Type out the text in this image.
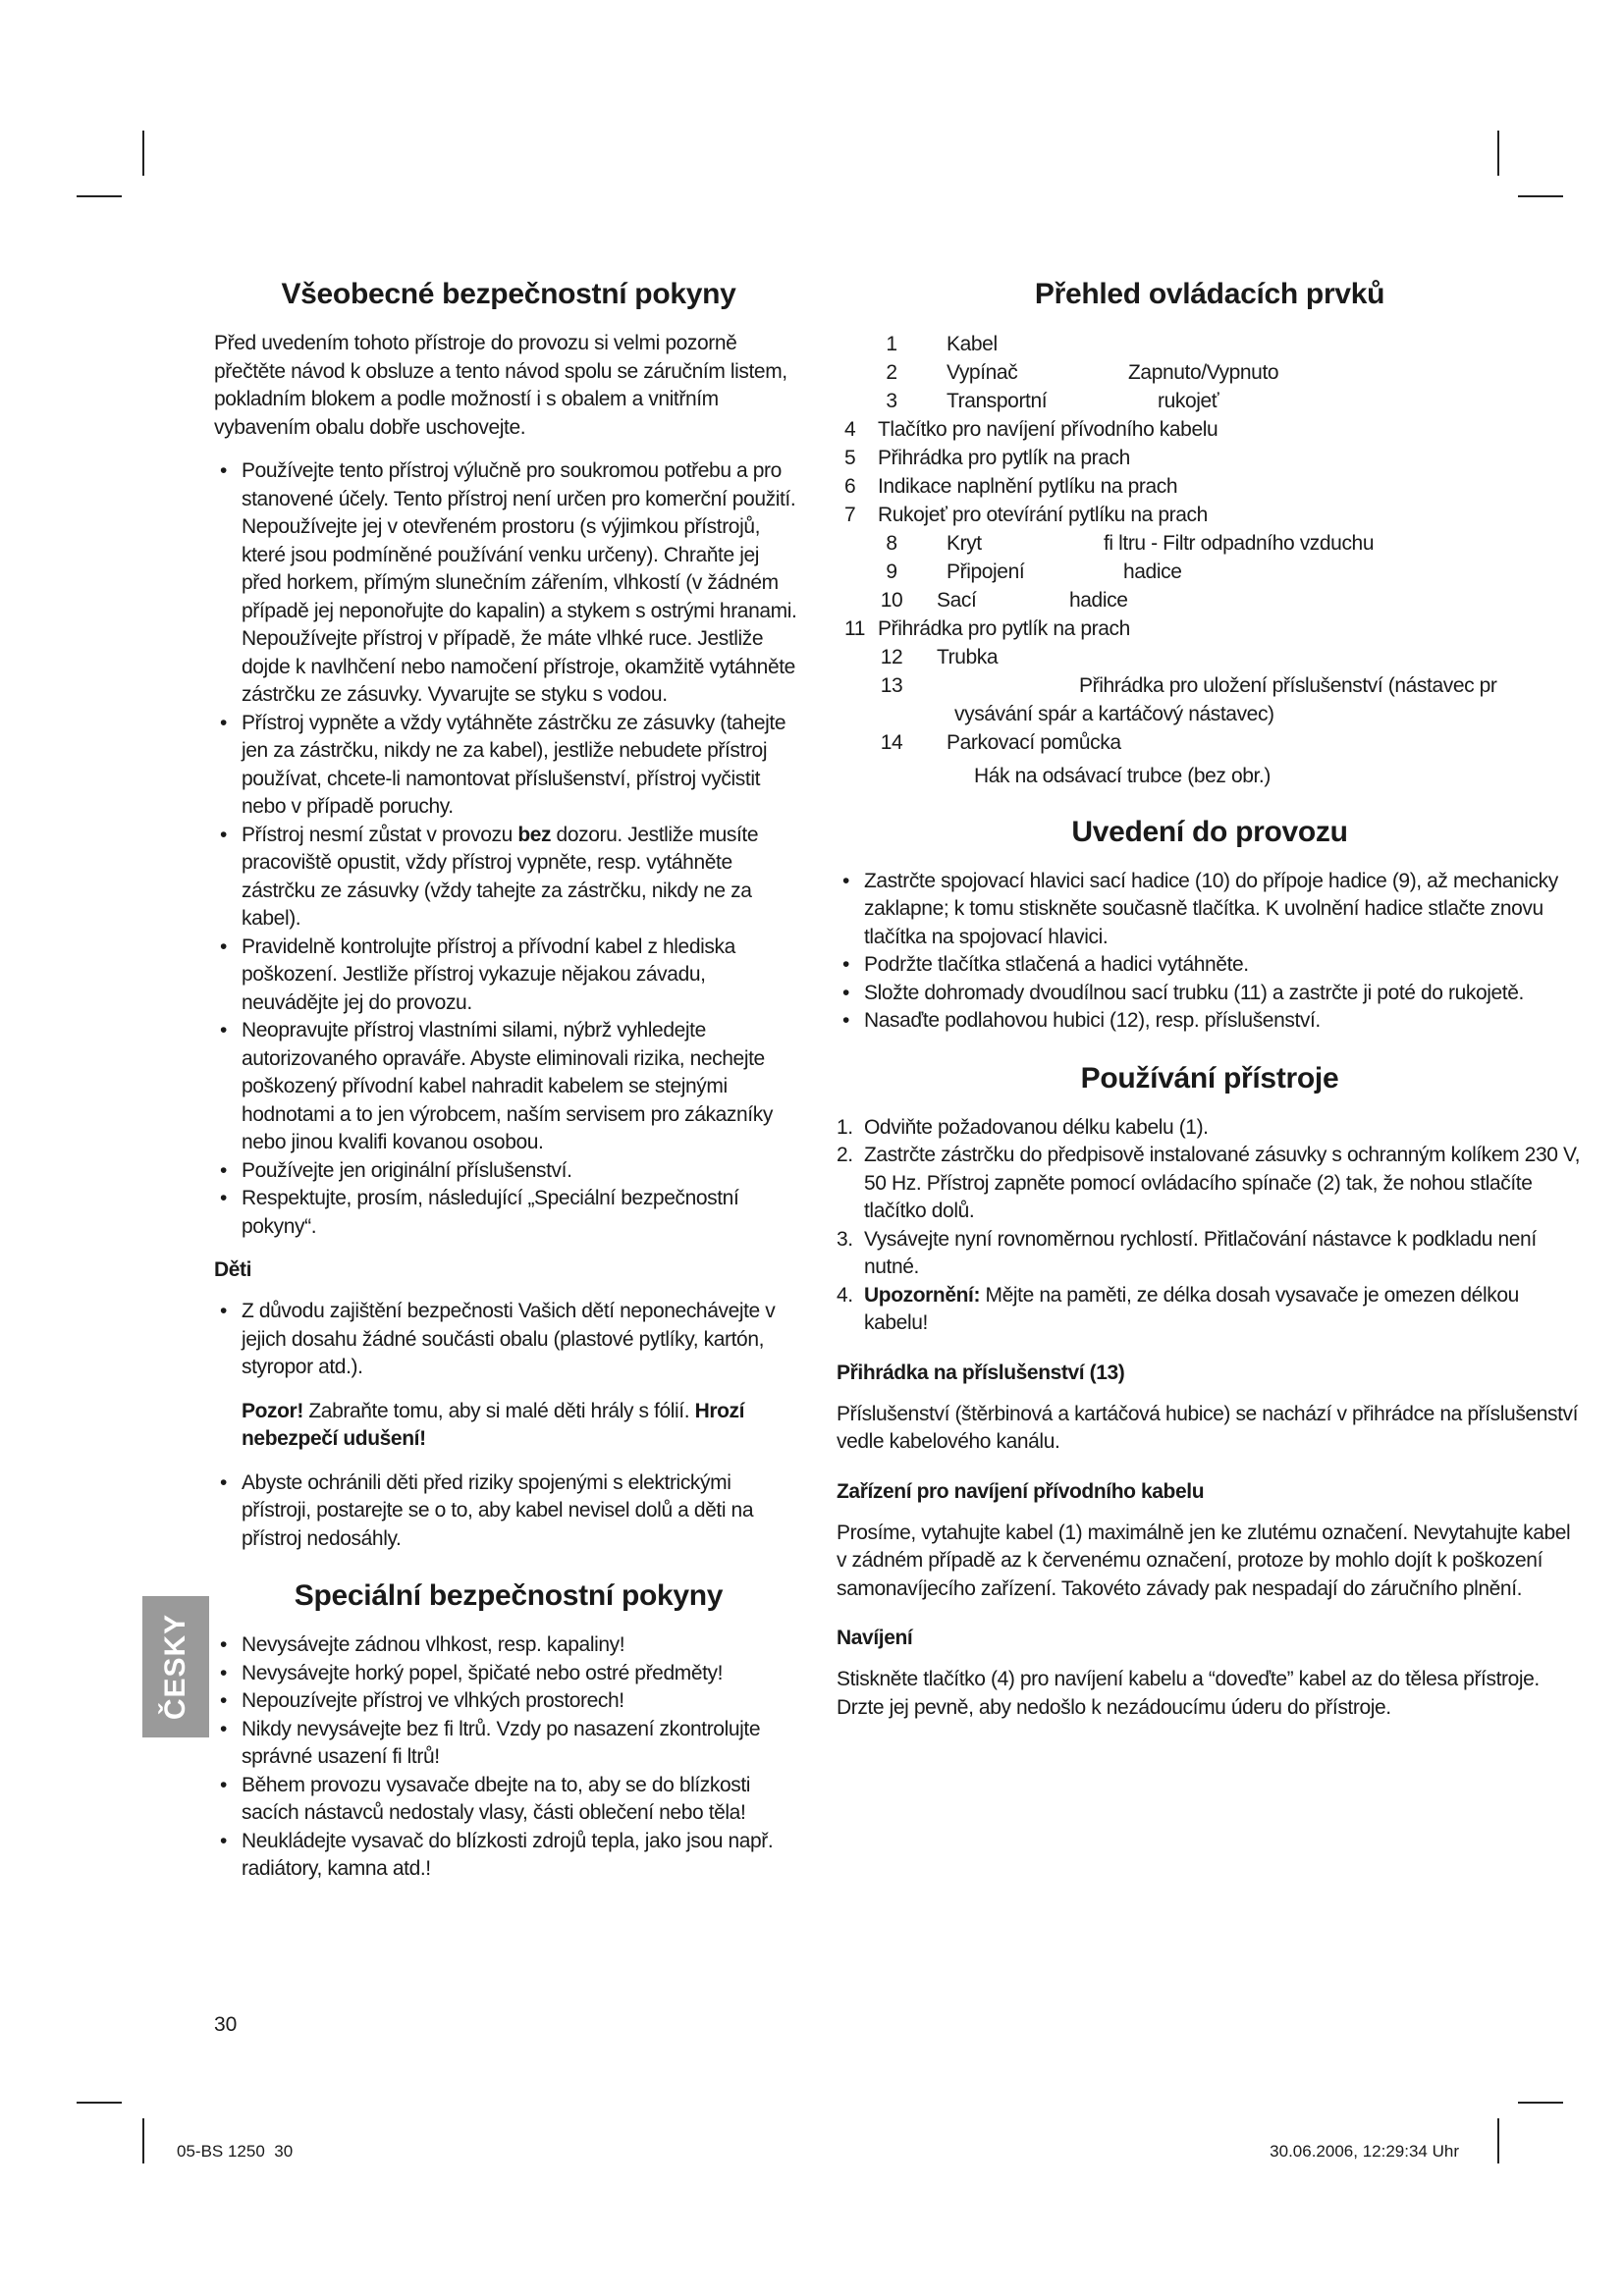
Všeobecné bezpečnostní pokyny

Před uvedením tohoto přístroje do provozu si velmi pozorně přečtěte návod k obsluze a tento návod spolu se záručním listem, pokladním blokem a podle možností i s obalem a vnitřním vybavením obalu dobře uschovejte.

• Používejte tento přístroj výlučně pro soukromou potřebu a pro stanovené účely. Tento přístroj není určen pro komerční použití. Nepoužívejte jej v otevřeném prostoru (s výjimkou přístrojů, které jsou podmíněné používání venku určeny). Chraňte jej před horkem, přímým slunečním zářením, vlhkostí (v žádném případě jej neponořujte do kapalin) a stykem s ostrými hranami. Nepoužívejte přístroj v případě, že máte vlhké ruce. Jestliže dojde k navlhčení nebo namočení přístroje, okamžitě vytáhněte zástrčku ze zásuvky. Vyvarujte se styku s vodou.
• Přístroj vypněte a vždy vytáhněte zástrčku ze zásuvky (tahejte jen za zástrčku, nikdy ne za kabel), jestliže nebudete přístroj používat, chcete-li namontovat příslušenství, přístroj vyčistit nebo v případě poruchy.
• Přístroj nesmí zůstat v provozu bez dozoru. Jestliže musíte pracoviště opustit, vždy přístroj vypněte, resp. vytáhněte zástrčku ze zásuvky (vždy tahejte za zástrčku, nikdy ne za kabel).
• Pravidelně kontrolujte přístroj a přívodní kabel z hlediska poškození. Jestliže přístroj vykazuje nějakou závadu, neuvádějte jej do provozu.
• Neopravujte přístroj vlastními silami, nýbrž vyhledejte autorizovaného opraváře. Abyste eliminovali rizika, nechejte poškozený přívodní kabel nahradit kabelem se stejnými hodnotami a to jen výrobcem, naším servisem pro zákazníky nebo jinou kvalifi kovanou osobou.
• Používejte jen originální příslušenství.
• Respektujte, prosím, následující „Speciální bezpečnostní pokyny“.
Děti
• Z důvodu zajištění bezpečnosti Vašich dětí neponechávejte v jejich dosahu žádné součásti obalu (plastové pytlíky, kartón, styropor atd.).

Pozor! Zabraňte tomu, aby si malé děti hrály s fólií. Hrozí nebezpečí udušení!

• Abyste ochránili děti před riziky spojenými s elektrickými přístroji, postarejte se o to, aby kabel nevisel dolů a děti na přístroj nedosáhly.
Speciální bezpečnostní pokyny
• Nevysávejte zádnou vlhkost, resp. kapaliny!
• Nevysávejte horký popel, špičaté nebo ostré předměty!
• Nepouzívejte přístroj ve vlhkých prostorech!
• Nikdy nevysávejte bez fi ltrů. Vzdy po nasazení zkontrolujte správné usazení fi ltrů!
• Během provozu vysavače dbejte na to, aby se do blízkosti sacích nástavců nedostaly vlasy, části oblečení nebo těla!
• Neukládejte vysavač do blízkosti zdrojů tepla, jako jsou např. radiátory, kamna atd.!
Přehled ovládacích prvků
1	Kabel
2	Vypínač	Zapnuto/Vypnuto
3	Transportní	rukojeť
4	Tlačítko pro navíjení přívodního kabelu
5	Přihrádka pro pytlík na prach
6	Indikace naplnění pytlíku na prach
7	Rukojeť pro otevírání pytlíku na prach
8	Kryt	fi ltru - Filtr odpadního vzduchu
9	Připojení	hadice
10	Sací	hadice
11 Přihrádka pro pytlík na prach
12	Trubka
13	Přihrádka pro uložení příslušenství (nástavec pr
vysávání spár a kartáčový nástavec)
14	Parkovací pomůcka
Hák na odsávací trubce (bez obr.)
Uvedení do provozu
• Zastrčte spojovací hlavici sací hadice (10) do přípoje hadice (9), až mechanicky zaklapne; k tomu stiskněte současně tlačítka. K uvolnění hadice stlačte znovu tlačítka na spojovací hlavici.
• Podržte tlačítka stlačená a hadici vytáhněte.
• Složte dohromady dvoudílnou sací trubku (11) a zastrčte ji poté do rukojetě.
• Nasaďte podlahovou hubici (12), resp. příslušenství.
Používání přístroje
1. Odviňte požadovanou délku kabelu (1).
2. Zastrčte zástrčku do předpisově instalované zásuvky s ochranným kolíkem 230 V, 50 Hz. Přístroj zapněte pomocí ovládacího spínače (2) tak, že nohou stlačíte tlačítko dolů.
3. Vysávejte nyní rovnoměrnou rychlostí. Přitlačování nástavce k podkladu není nutné.
4. Upozornění: Mějte na paměti, ze délka dosah vysavače je omezen délkou kabelu!
Přihrádka na příslušenství (13)

Příslušenství (štěrbinová a kartáčová hubice) se nachází v přihrádce na příslušenství vedle kabelového kanálu.

Zařízení pro navíjení přívodního kabelu

Prosíme, vytahujte kabel (1) maximálně jen ke zlutému označení. Nevytahujte kabel v zádném případě az k červenému označení, protoze by mohlo dojít k poškození samonavíjecího zařízení. Takovéto závady pak nespadají do záručního plnění.

Navíjení

Stiskněte tlačítko (4) pro navíjení kabelu a “doveďte” kabel az do tělesa přístroje. Drzte jej pevně, aby nedošlo k nezádoucímu úderu do přístroje.

ČESKY
30
05-BS 1250  30	30.06.2006, 12:29:34 Uhr
